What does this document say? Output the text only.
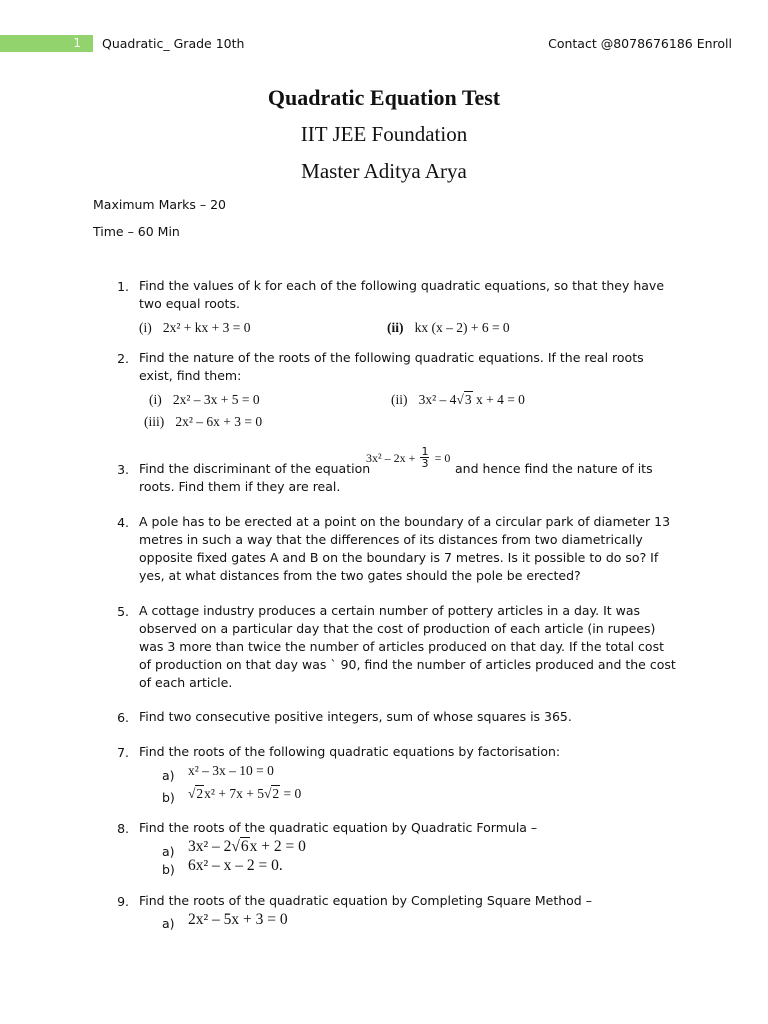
1 Quadratic_ Grade 10th	Contact @8078676186 Enroll
Quadratic Equation Test
IIT JEE Foundation
Master Aditya Arya
Maximum Marks – 20
Time – 60 Min
1. Find the values of k for each of the following quadratic equations, so that they have two equal roots.
(i) 2x² + kx + 3 = 0	(ii) kx (x – 2) + 6 = 0
2. Find the nature of the roots of the following quadratic equations. If the real roots exist, find them:
(i) 2x² – 3x + 5 = 0	(ii) 3x² – 4√3 x + 4 = 0
(iii) 2x² – 6x + 3 = 0
3. Find the discriminant of the equation
$3x^2 - 2x + \frac{1}{3} = 0$
and hence find the nature of its
roots. Find them if they are real.
4. A pole has to be erected at a point on the boundary of a circular park of diameter 13 metres in such a way that the differences of its distances from two diametrically opposite fixed gates A and B on the boundary is 7 metres. Is it possible to do so? If yes, at what distances from the two gates should the pole be erected?
5. A cottage industry produces a certain number of pottery articles in a day. It was observed on a particular day that the cost of production of each article (in rupees) was 3 more than twice the number of articles produced on that day. If the total cost of production on that day was ` 90, find the number of articles produced and the cost of each article.
6. Find two consecutive positive integers, sum of whose squares is 365.
7. Find the roots of the following quadratic equations by factorisation:
a) x² – 3x – 10 = 0
b) √2x² + 7x + 5√2 = 0
8. Find the roots of the quadratic equation by Quadratic Formula –
a) 3x² – 2√6x + 2 = 0
b) 6x² – x – 2 = 0.
9. Find the roots of the quadratic equation by Completing Square Method –
a) 2x² – 5x + 3 = 0
